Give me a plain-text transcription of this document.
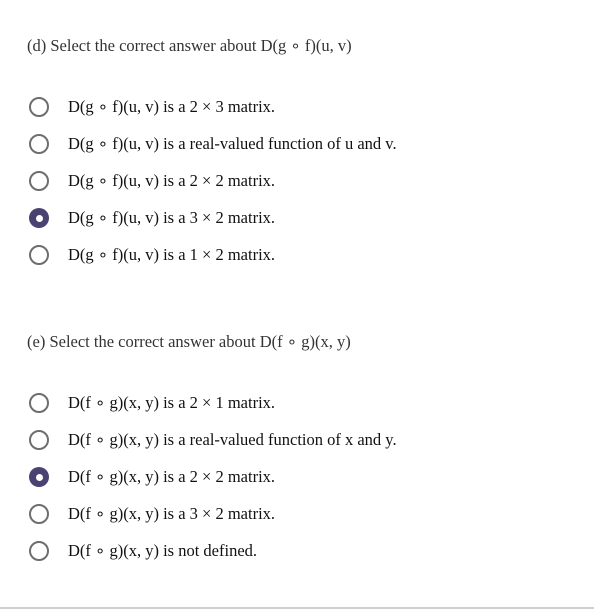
(d) Select the correct answer about D(g ∘ f)(u, v)
D(g ∘ f)(u, v) is a 2 × 3 matrix.
D(g ∘ f)(u, v) is a real-valued function of u and v.
D(g ∘ f)(u, v) is a 2 × 2 matrix.
D(g ∘ f)(u, v) is a 3 × 2 matrix.
D(g ∘ f)(u, v) is a 1 × 2 matrix.
(e) Select the correct answer about D(f ∘ g)(x, y)
D(f ∘ g)(x, y) is a 2 × 1 matrix.
D(f ∘ g)(x, y) is a real-valued function of x and y.
D(f ∘ g)(x, y) is a 2 × 2 matrix.
D(f ∘ g)(x, y) is a 3 × 2 matrix.
D(f ∘ g)(x, y) is not defined.
